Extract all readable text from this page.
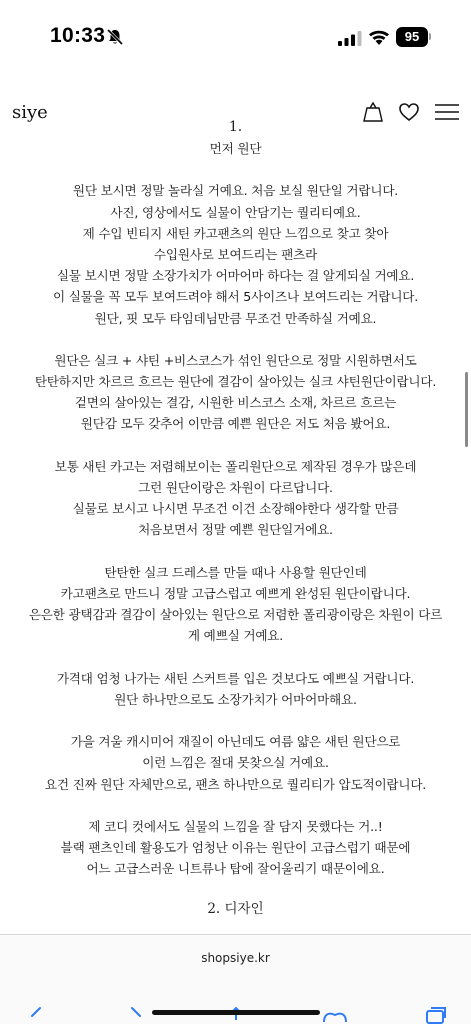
10:33	95
siye
1.
먼저 원단
원단 보시면 정말 놀라실 거예요. 처음 보실 원단일 거랍니다.
사진, 영상에서도 실물이 안담기는 퀄리티예요.
제 수입 빈티지 새틴 카고팬츠의 원단 느낌으로 찾고 찾아
수입원사로 보여드리는 팬츠라
실물 보시면 정말 소장가치가 어마어마 하다는 걸 알게되실 거예요.
이 실물을 꼭 모두 보여드려야 해서 5사이즈나 보여드리는 거랍니다.
원단, 핏 모두 타임데님만큼 무조건 만족하실 거예요.
원단은 실크 + 샤틴 +비스코스가 섞인 원단으로 정말 시원하면서도
탄탄하지만 차르르 흐르는 원단에 결감이 살아있는 실크 샤틴원단이랍니다.
겉면의 살아있는 결감, 시원한 비스코스 소재, 차르르 흐르는
원단감 모두 갖추어 이만큼 예쁜 원단은 저도 처음 봤어요.
보통 새틴 카고는 저렴해보이는 폴리원단으로 제작된 경우가 많은데
그런 원단이랑은 차원이 다르답니다.
실물로 보시고 나시면 무조건 이건 소장해야한다 생각할 만큼
처음보면서 정말 예쁜 원단일거에요.
탄탄한 실크 드레스를 만들 때나 사용할 원단인데
카고팬츠로 만드니 정말 고급스럽고 예쁘게 완성된 원단이랍니다.
은은한 광택감과 결감이 살아있는 원단으로 저렴한 폴리광이랑은 차원이 다르
게 예쁘실 거예요.
가격대 엄청 나가는 새틴 스커트를 입은 것보다도 예쁘실 거랍니다.
원단 하나만으로도 소장가치가 어마어마해요.
가을 겨울 캐시미어 재질이 아닌데도 여름 얇은 새틴 원단으로
이런 느낌은 절대 못찾으실 거예요.
요건 진짜 원단 자체만으로, 팬츠 하나만으로 퀄리티가 압도적이랍니다.
제 코디 컷에서도 실물의 느낌을 잘 담지 못했다는 거..!
블랙 팬츠인데 활용도가 엄청난 이유는 원단이 고급스럽기 때문에
어느 고급스러운 니트류나 탑에 잘어울리기 때문이에요.
2. 디자인
shopsiye.kr
